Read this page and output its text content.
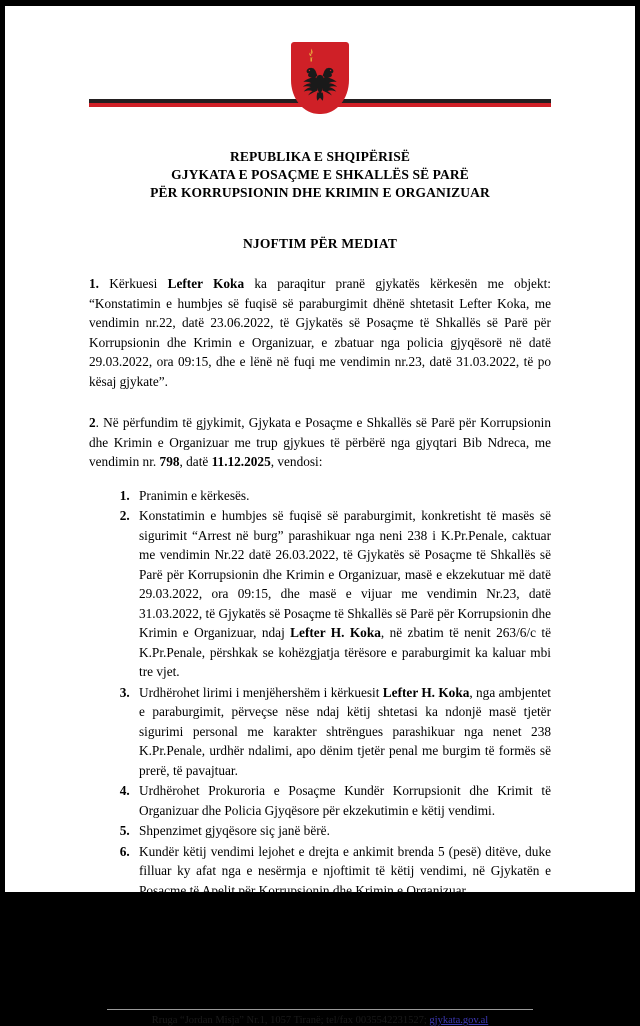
REPUBLIKA E SHQIPËRISË
GJYKATA E POSAÇME E SHKALLËS SË PARË
PËR KORRUPSIONIN DHE KRIMIN E ORGANIZUAR
NJOFTIM PËR MEDIAT

1. Kërkuesi Lefter Koka ka paraqitur pranë gjykatës kërkesën me objekt: “Konstatimin e humbjes së fuqisë së paraburgimit dhënë shtetasit Lefter Koka, me vendimin nr.22, datë 23.06.2022, të Gjykatës së Posaçme të Shkallës së Parë për Korrupsionin dhe Krimin e Organizuar, e zbatuar nga policia gjyqësorë në datë 29.03.2022, ora 09:15, dhe e lënë në fuqi me vendimin nr.23, datë 31.03.2022, të po kësaj gjykate”.

2. Në përfundim të gjykimit, Gjykata e Posaçme e Shkallës së Parë për Korrupsionin dhe Krimin e Organizuar me trup gjykues të përbërë nga gjyqtari Bib Ndreca, me vendimin nr. 798, datë 11.12.2025, vendosi:

1. Pranimin e kërkesës.
2. Konstatimin e humbjes së fuqisë së paraburgimit, konkretisht të masës së sigurimit “Arrest në burg” parashikuar nga neni 238 i K.Pr.Penale, caktuar me vendimin Nr.22 datë 26.03.2022, të Gjykatës së Posaçme të Shkallës së Parë për Korrupsionin dhe Krimin e Organizuar, masë e ekzekutuar më datë 29.03.2022, ora 09:15, dhe masë e vijuar me vendimin Nr.23, datë 31.03.2022, të Gjykatës së Posaçme të Shkallës së Parë për Korrupsionin dhe Krimin e Organizuar, ndaj Lefter H. Koka, në zbatim të nenit 263/6/c të K.Pr.Penale, përshkak se kohëzgjatja tërësore e paraburgimit ka kaluar mbi tre vjet.
3. Urdhërohet lirimi i menjëhershëm i kërkuesit Lefter H. Koka, nga ambjentet e paraburgimit, përveçse nëse ndaj këtij shtetasi ka ndonjë masë tjetër sigurimi personal me karakter shtrëngues parashikuar nga nenet 238 K.Pr.Penale, urdhër ndalimi, apo dënim tjetër penal me burgim të formës së prerë, të pavajtuar.
4. Urdhërohet Prokuroria e Posaçme Kundër Korrupsionit dhe Krimit të Organizuar dhe Policia Gjyqësore për ekzekutimin e këtij vendimi.
5. Shpenzimet gjyqësore siç janë bërë.
6. Kundër këtij vendimi lejohet e drejta e ankimit brenda 5 (pesë) ditëve, duke filluar ky afat nga e nesërmja e njoftimit të këtij vendimi, në Gjykatën e Posaçme të Apelit për Korrupsionin dhe Krimin e Organizuar.
Tiranë, më datë 11.12.2025
Gjykata e Posaçme e Shkallës së Parë për Korrupsionin dhe Krimin e Organizuar
Rruga “Jordan Misja” Nr.1, 1057 Tiranë; tel/fax 0035542231527; gjykata.gov.al
